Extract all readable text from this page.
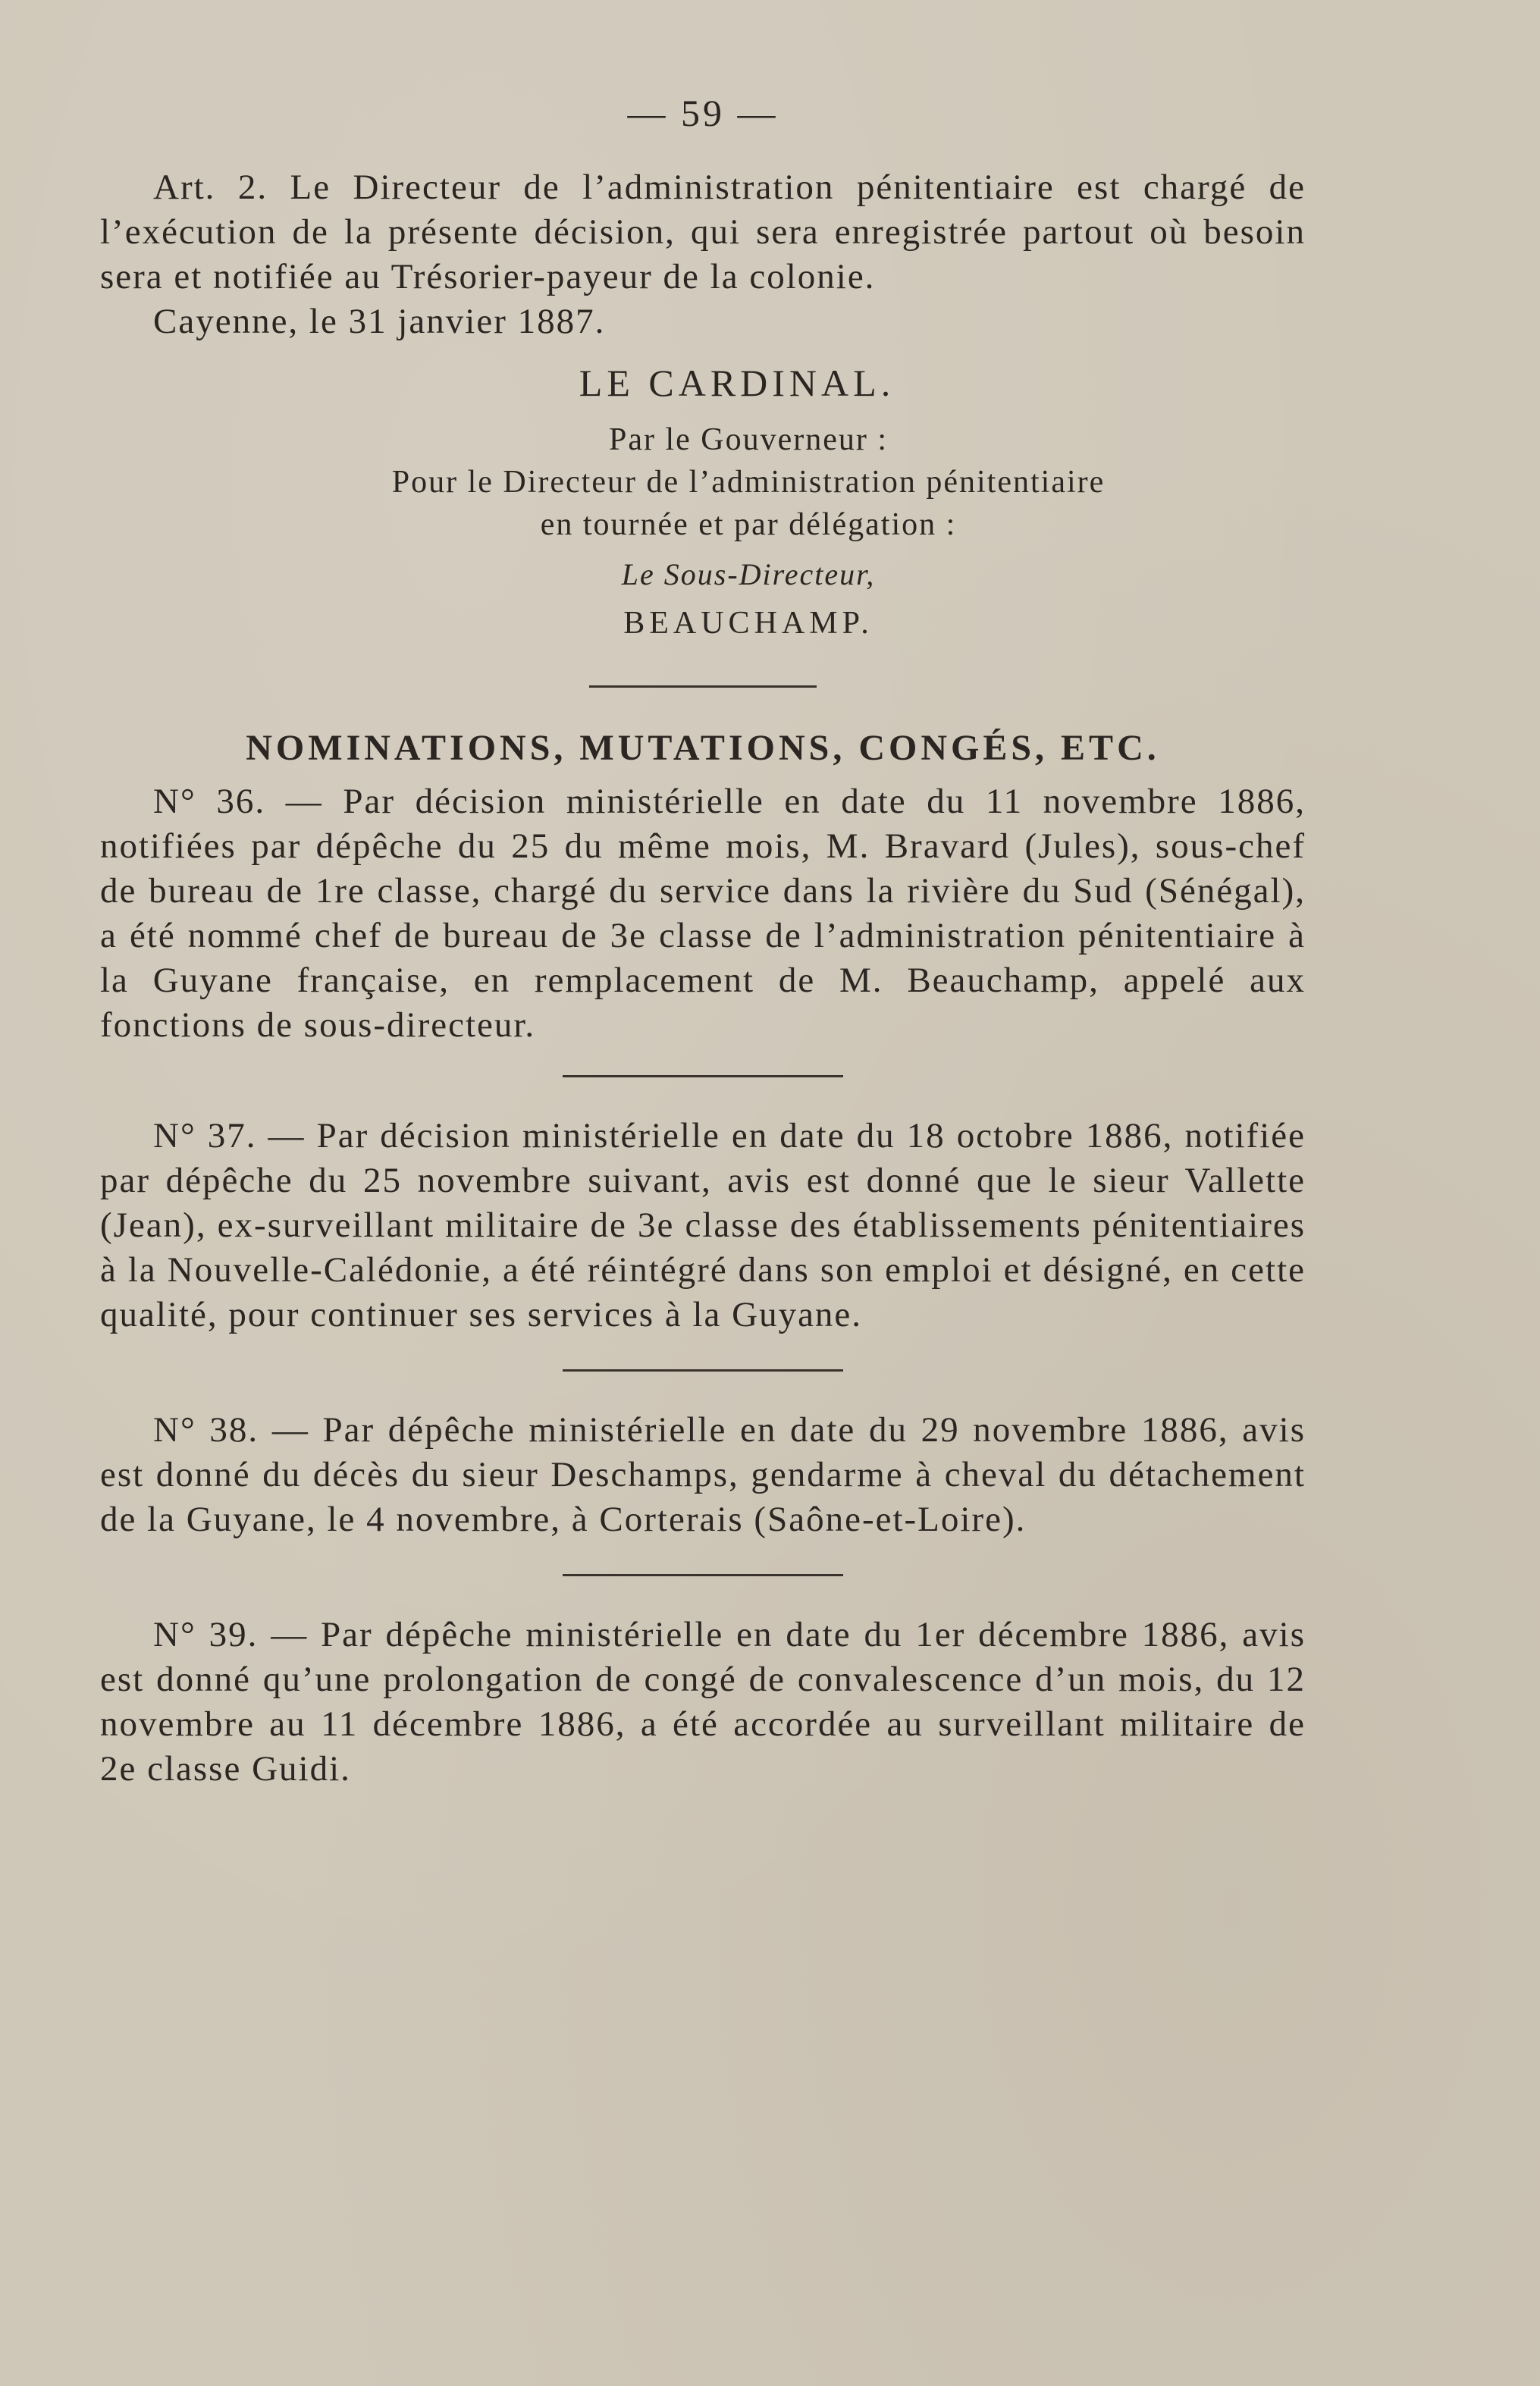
— 59 —

Art. 2. Le Directeur de l’administration pénitentiaire est chargé de l’exécution de la présente décision, qui sera enregistrée partout où besoin sera et notifiée au Trésorier-payeur de la colonie.

Cayenne, le 31 janvier 1887.
LE CARDINAL.
Par le Gouverneur :
Pour le Directeur de l’administration pénitentiaire
en tournée et par délégation :
Le Sous-Directeur,
BEAUCHAMP.
NOMINATIONS, MUTATIONS, CONGÉS, ETC.

N° 36. — Par décision ministérielle en date du 11 novembre 1886, notifiées par dépêche du 25 du même mois, M. Bravard (Jules), sous-chef de bureau de 1re classe, chargé du service dans la rivière du Sud (Sénégal), a été nommé chef de bureau de 3e classe de l’administration pénitentiaire à la Guyane française, en remplacement de M. Beauchamp, appelé aux fonctions de sous-directeur.

N° 37. — Par décision ministérielle en date du 18 octobre 1886, notifiée par dépêche du 25 novembre suivant, avis est donné que le sieur Vallette (Jean), ex-surveillant militaire de 3e classe des établissements pénitentiaires à la Nouvelle-Calédonie, a été réintégré dans son emploi et désigné, en cette qualité, pour continuer ses services à la Guyane.

N° 38. — Par dépêche ministérielle en date du 29 novembre 1886, avis est donné du décès du sieur Deschamps, gendarme à cheval du détachement de la Guyane, le 4 novembre, à Corterais (Saône-et-Loire).

N° 39. — Par dépêche ministérielle en date du 1er décembre 1886, avis est donné qu’une prolongation de congé de convalescence d’un mois, du 12 novembre au 11 décembre 1886, a été accordée au surveillant militaire de 2e classe Guidi.
